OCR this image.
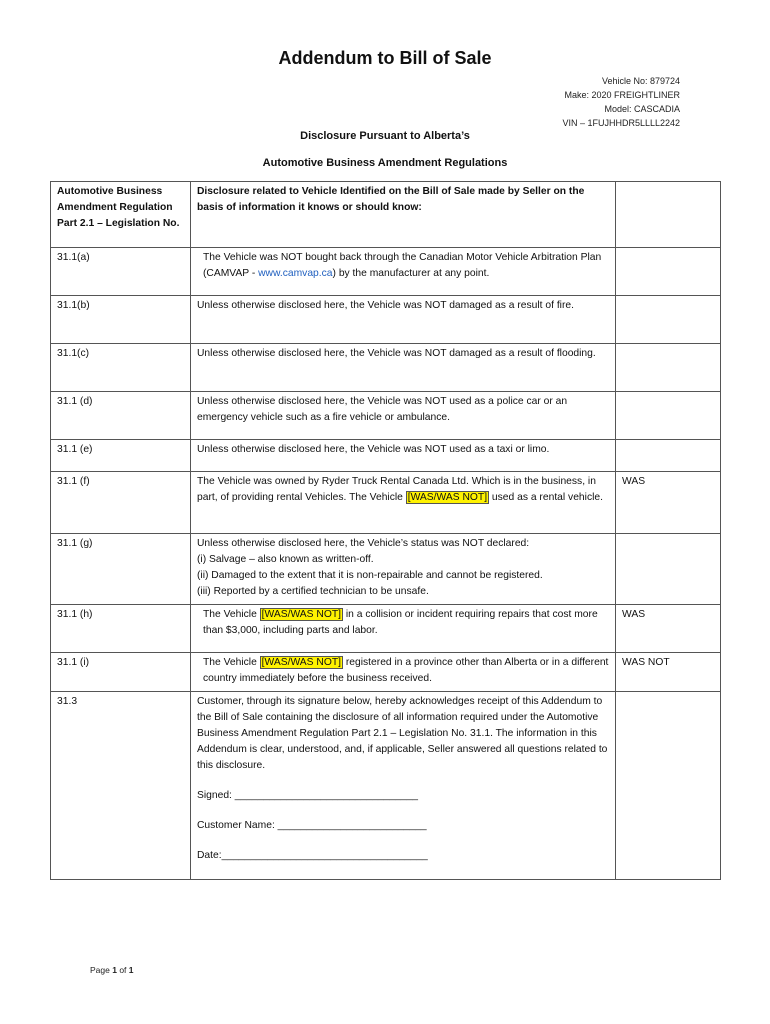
Addendum to Bill of Sale
Vehicle No: 879724
Make: 2020 FREIGHTLINER
Model: CASCADIA
VIN – 1FUJHHDR5LLLL2242
Disclosure Pursuant to Alberta’s
Automotive Business Amendment Regulations
Automotive Business Amendment Regulation Part 2.1 – Legislation No.	Disclosure related to Vehicle Identified on the Bill of Sale made by Seller on the basis of information it knows or should know:	
31.1(a)	The Vehicle was NOT bought back through the Canadian Motor Vehicle Arbitration Plan (CAMVAP - www.camvap.ca) by the manufacturer at any point.	

31.1(b)	Unless otherwise disclosed here, the Vehicle was NOT damaged as a result of fire.	
31.1(c)	Unless otherwise disclosed here, the Vehicle was NOT damaged as a result of flooding.	
31.1 (d)	Unless otherwise disclosed here, the Vehicle was NOT used as a police car or an emergency vehicle such as a fire vehicle or ambulance.	
31.1 (e)	Unless otherwise disclosed here, the Vehicle was NOT used as a taxi or limo.	
31.1 (f)	The Vehicle was owned by Ryder Truck Rental Canada Ltd. Which is in the business, in part, of providing rental Vehicles. The Vehicle [WAS/WAS NOT] used as a rental vehicle.	WAS
31.1 (g)	Unless otherwise disclosed here, the Vehicle’s status was NOT declared:
(i) Salvage – also known as written-off.
(ii) Damaged to the extent that it is non-repairable and cannot be registered.
(iii) Reported by a certified technician to be unsafe.	

31.1 (h)	The Vehicle [WAS/WAS NOT] in a collision or incident requiring repairs that cost more than $3,000, including parts and labor.	WAS
31.1 (i)	The Vehicle [WAS/WAS NOT] registered in a province other than Alberta or in a different country immediately before the business received.	WAS NOT
31.3	Customer, through its signature below, hereby acknowledges receipt of this Addendum to the Bill of Sale containing the disclosure of all information required under the Automotive Business Amendment Regulation Part 2.1 – Legislation No. 31.1. The information in this Addendum is clear, understood, and, if applicable, Seller answered all questions related to this disclosure.
Signed: ________________________________
Customer Name: __________________________
Date:____________________________________	

Page 1 of 1
